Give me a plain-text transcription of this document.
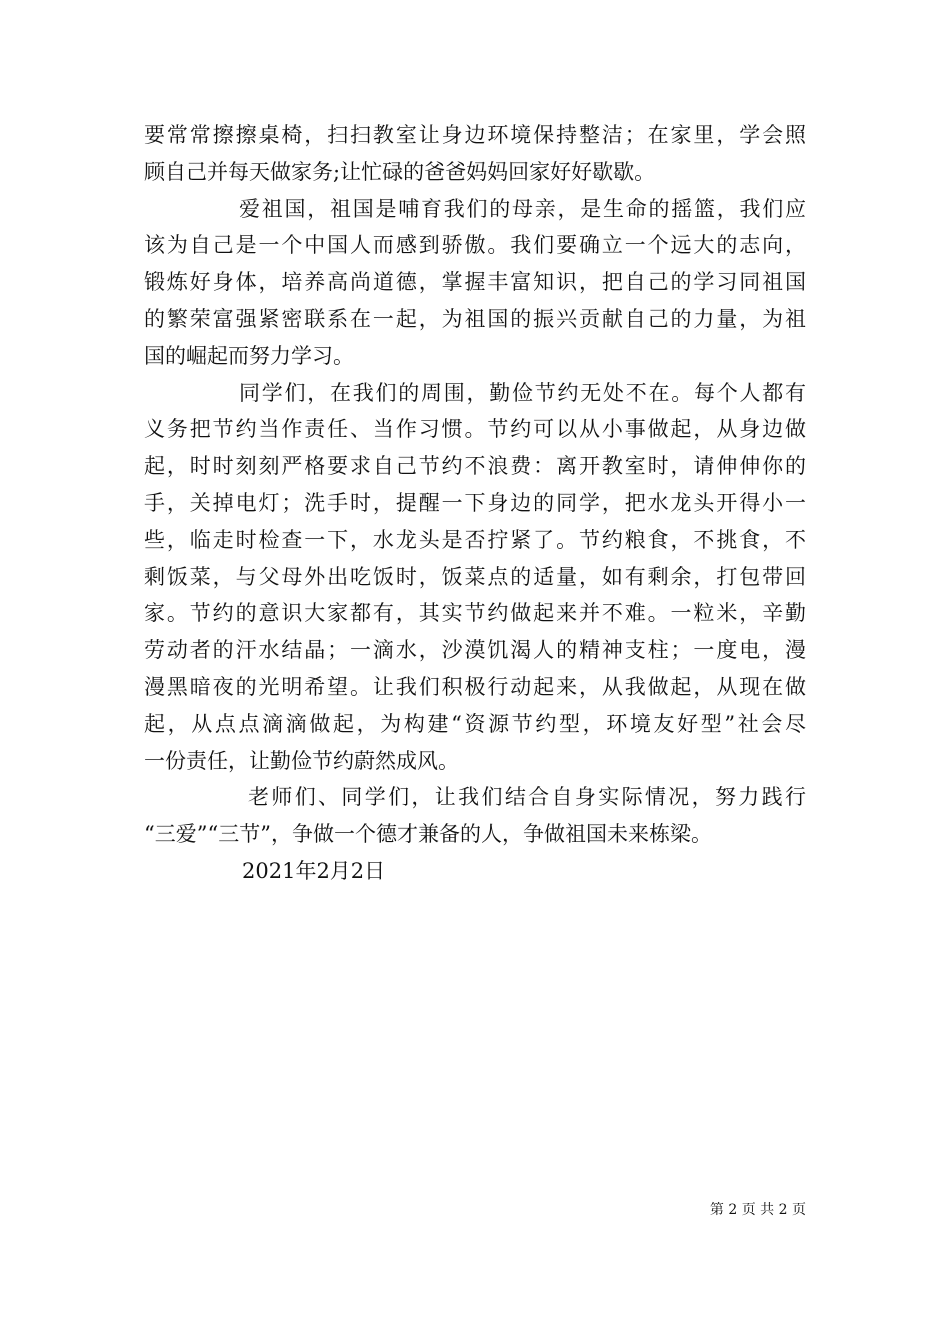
要常常擦擦桌椅，扫扫教室让身边环境保持整洁；在家里，学会照
顾自己并每天做家务;让忙碌的爸爸妈妈回家好好歇歇。
爱祖国，祖国是哺育我们的母亲，是生命的摇篮，我们应
该为自己是一个中国人而感到骄傲。我们要确立一个远大的志向，
锻炼好身体，培养高尚道德，掌握丰富知识，把自己的学习同祖国
的繁荣富强紧密联系在一起，为祖国的振兴贡献自己的力量，为祖
国的崛起而努力学习。
同学们，在我们的周围，勤俭节约无处不在。每个人都有
义务把节约当作责任、当作习惯。节约可以从小事做起，从身边做
起，时时刻刻严格要求自己节约不浪费：离开教室时，请伸伸你的
手，关掉电灯；洗手时，提醒一下身边的同学，把水龙头开得小一
些，临走时检查一下，水龙头是否拧紧了。节约粮食，不挑食，不
剩饭菜，与父母外出吃饭时，饭菜点的适量，如有剩余，打包带回
家。节约的意识大家都有，其实节约做起来并不难。一粒米，辛勤
劳动者的汗水结晶；一滴水，沙漠饥渴人的精神支柱；一度电，漫
漫黑暗夜的光明希望。让我们积极行动起来，从我做起，从现在做
起，从点点滴滴做起，为构建“资源节约型，环境友好型”社会尽
一份责任，让勤俭节约蔚然成风。
老师们、同学们，让我们结合自身实际情况，努力践行
“三爱”“三节”，争做一个德才兼备的人，争做祖国未来栋梁。
2021年2月2日
第 2 页 共 2 页
